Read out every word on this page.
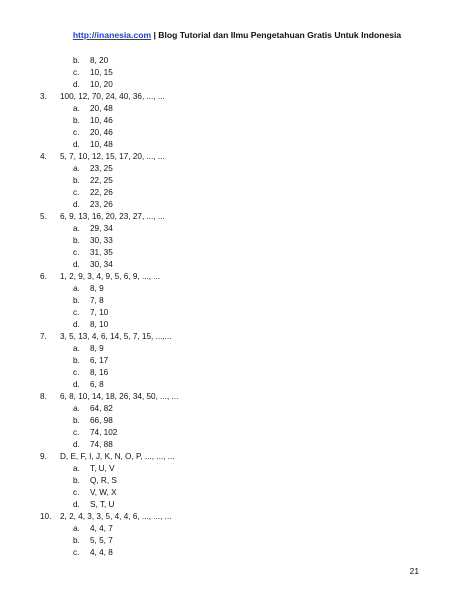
http://inanesia.com | Blog Tutorial dan Ilmu Pengetahuan Gratis Untuk Indonesia
b. 8, 20
c. 10, 15
d. 10, 20
3. 100, 12, 70, 24, 40, 36, ..., ...
a. 20, 48
b. 10, 46
c. 20, 46
d. 10, 48
4. 5, 7, 10, 12, 15, 17, 20, ..., ...
a. 23, 25
b. 22, 25
c. 22, 26
d. 23, 26
5. 6, 9, 13, 16, 20, 23, 27, ..., ...
a. 29, 34
b. 30, 33
c. 31, 35
d. 30, 34
6. 1, 2, 9, 3, 4, 9, 5, 6, 9, ..., ...
a. 8, 9
b. 7, 8
c. 7, 10
d. 8, 10
7. 3, 5, 13, 4, 6, 14, 5, 7, 15, ...,...
a. 8, 9
b. 6, 17
c. 8, 16
d. 6, 8
8. 6, 8, 10, 14, 18, 26, 34, 50, ..., ...
a. 64, 82
b. 66, 98
c. 74, 102
d. 74, 88
9. D, E, F, I, J, K, N, O, P, ..., ..., ...
a. T, U, V
b. Q, R, S
c. V, W, X
d. S, T, U
10. 2, 2, 4, 3, 3, 5, 4, 4, 6, ..., ..., ...
a. 4, 4, 7
b. 5, 5, 7
c. 4, 4, 8
21
